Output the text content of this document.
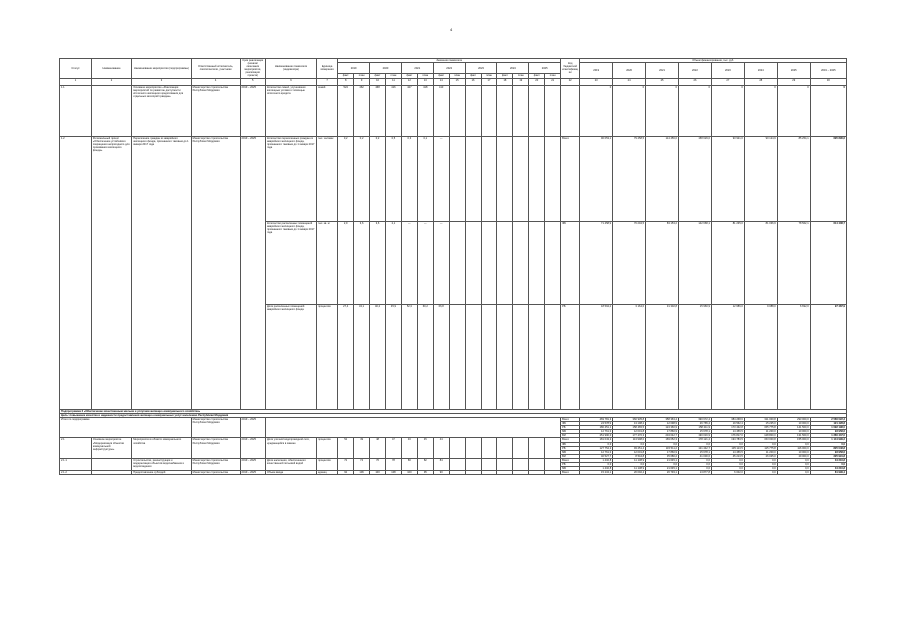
4
Статус	Наименование	Наименование мероприятия (подпрограммы)	Ответственный исполнитель, соисполнители, участники	Срок реализации (начала/окончания мероприятия, реализации проекта)	Наименование показателя (индикатора)	Единица измерения	Значения показателя														Код бюджетной классификации	Объем финансирования, тыс. руб.								
							2019		2020		2021		2022		2023		2024		2025			2019	2020	2021	2022	2023	2024	2025	2019 – 2025	
							факт	план	факт	план	факт	план	факт	план	факт	план	факт	план	факт	план										
1	2	3	4	5	6	7	8	9	10	11	12	13	14	15	16	17	18	19	20	21	22	23	24	25	26	27	28	29	30	
1.1		Основное мероприятие «Реализация мероприятий по развитию доступности ипотечного жилищного кредитования для отдельных категорий граждан»	Министерство строительства Республики Мордовия	2019 – 2025	Количество семей, улучшивших жилищные условия с помощью ипотечного кредита	семей	524	462	468	416	427	418	413									0	0	0	0	0	0	0	0	
1.2	Региональный проект «Обеспечение устойчивого сокращения непригодного для проживания жилищного фонда»	Переселение граждан из аварийного жилищного фонда, признанного таковым до 1 января 2017 года	Министерство строительства Республики Мордовия	2019 – 2025	Количество переселенных граждан из аварийного жилищного фонда, признанного таковым до 1 января 2017 года	тыс. человек	0,2	0,2	0,2	0,5	0,3	0,1	—								Всего	90 053,1	79 458,5	114 456,0	158 629,0	93 921,0	90 124,9	85 254,1	695 896,6	
					Количество расселенных помещений аварийного жилищного фонда, признанного таковым до 1 января 2017 года	тыс. кв. м	2,9	3,6	3,6	2,1	—	—	—								ФБ	71 458,9	76 294,5	83 153,2	142 668,1	81 235,0	81 036,9	78 562,1	614 408,7	
					Доля расселенных помещений аварийного жилищного фонда	процентов	27,4	34,1	40,2	45,9	52,3	60,2	66,8								РБ	18 594,2	3 164,0	31 302,8	15 960,9	12 686,0	9 088,0	6 692,0	97 487,9	
Подпрограмма 2 «Обеспечение качественным жильем и услугами жилищно-коммунального хозяйства»																														
Цель: повышение качества и надежности предоставления жилищно-коммунальных услуг населению Республики Мордовия																														
Итого по подпрограмме			Министерство строительства Республики Мордовия	2019 – 2025																	Всего	469 781,3	360 935,8	358 363,4	390 672,4	384 268,6	311 000,8	293 000,0	2 566 022,3	
																					ФБ	24 578,9	13 198,2	12 098,9	26 765,4	19 562,4	15 225,0	10 000,0	121 428,8	
																					РБ	180 451,1	158 465,5	124 360,9	158 211,9	173 432,8	155 775,8	141 500,0	1 092 198,0	
																					МБ	12 761,3	12 001,8	17 860,9	15 678,1	14 456,5	11 200,0	10 000,0	93 958,6	
																					ВИ	251 990,0	177 270,3	204 042,7	190 016,9	176 817,0	128 800,0	131 500,0	1 260 437,0	
2.1	Основное мероприятие «Модернизация объектов коммунальной инфраструктуры»	Мероприятия в области коммунального хозяйства	Министерство строительства Республики Мордовия	2019 – 2025	Доля уличной водопроводной сети, нуждающейся в замене	процентов	52	49	48	47	46	45	44								Всего	181 043,2	113 998,0	169 052,3	178 121,4	194 783,5	153 000,8	155 000,0	1 144 999,2	
																					ФБ	0,0	0,0	0,0	0,0	0,0	0,0	0,0	0,0	
																					РБ	127 754,2	93 451,4	115 511,2	121 442,7	135 113,5	115 775,8	116 000,0	825 048,8	
																					МБ	12 761,3	12 001,8	17 860,9	15 678,1	14 456,5	11 200,0	10 000,0	93 958,6	
																					ВИ	40 527,7	8 544,8	35 680,2	41 000,6	45 213,5	26 025,0	29 000,0	225 991,8	
2.1.1		Строительство, реконструкция и модернизация объектов водоснабжения и водоотведения	Министерство строительства Республики Мордовия	2019 – 2025	Доля населения, обеспеченного качественной питьевой водой	процентов	72	74	76	78	80	82	84								Всего	1 432,8	11 138,9	21 645,1	0,0	0,0	0,0	0,0	34 216,8	
																					РБ	0,0	0,0	0,0	0,0	0,0	0,0	0,0	0,0	
																					МБ	1 432,8	11 138,9	21 645,1	0,0	0,0	0,0	0,0	34 216,8	
2.1.2		Предоставление субсидий	Министерство строительства	2019 – 2025	Объем ввода	единиц	92	106	100	108	100	95	90								Всего	15 234,1	20 092,4	26 793,1	13 877,8	6 002,0	0,0	0,0	81 999,4	
